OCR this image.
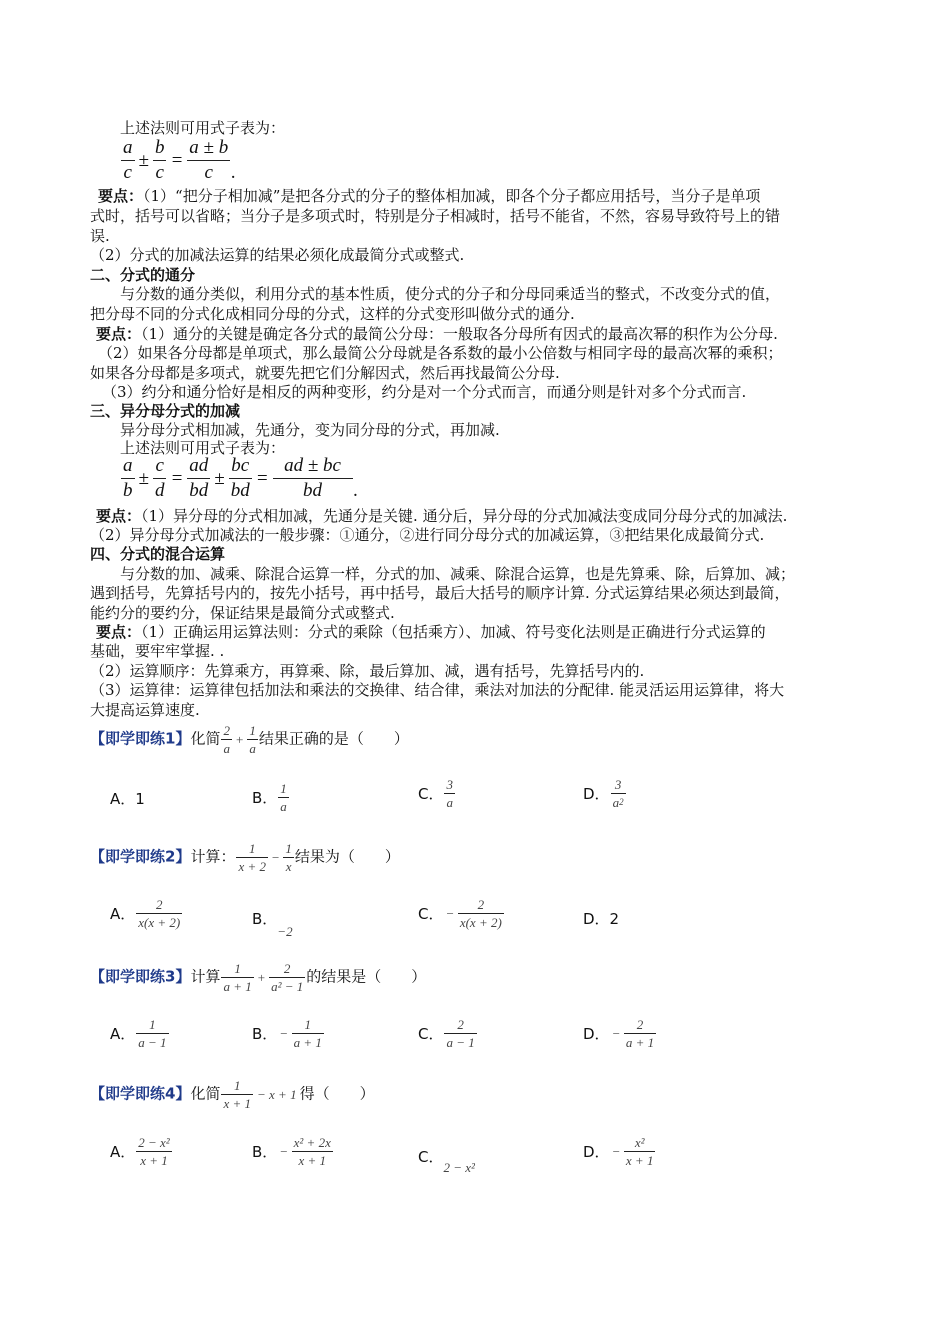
上述法则可用式子表为：
$\frac{a}{c} \pm \frac{b}{c} = \frac{a \pm b}{c}$ .
要点：（1）“把分子相加减”是把各分式的分子的整体相加减，即各个分子都应用括号，当分子是单项
式时，括号可以省略；当分子是多项式时，特别是分子相减时，括号不能省，不然，容易导致符号上的错
误.
（2）分式的加减法运算的结果必须化成最简分式或整式.
二、分式的通分
与分数的通分类似，利用分式的基本性质，使分式的分子和分母同乘适当的整式，不改变分式的值，
把分母不同的分式化成相同分母的分式，这样的分式变形叫做分式的通分.
要点：（1）通分的关键是确定各分式的最简公分母：一般取各分母所有因式的最高次幂的积作为公分母.
（2）如果各分母都是单项式，那么最简公分母就是各系数的最小公倍数与相同字母的最高次幂的乘积；
如果各分母都是多项式，就要先把它们分解因式，然后再找最简公分母.
（3）约分和通分恰好是相反的两种变形，约分是对一个分式而言，而通分则是针对多个分式而言.
三、异分母分式的加减
异分母分式相加减，先通分，变为同分母的分式，再加减.
上述法则可用式子表为：
$\frac{a}{b} \pm \frac{c}{d} = \frac{ad}{bd} \pm \frac{bc}{bd} = \frac{ad \pm bc}{bd}$ .
要点：（1）异分母的分式相加减，先通分是关键. 通分后，异分母的分式加减法变成同分母分式的加减法.
（2）异分母分式加减法的一般步骤：①通分，②进行同分母分式的加减运算，③把结果化成最简分式.
四、分式的混合运算
与分数的加、减乘、除混合运算一样，分式的加、减乘、除混合运算，也是先算乘、除，后算加、减；
遇到括号，先算括号内的，按先小括号，再中括号，最后大括号的顺序计算. 分式运算结果必须达到最简，
能约分的要约分，保证结果是最简分式或整式.
要点：（1）正确运用运算法则：分式的乘除（包括乘方）、加减、符号变化法则是正确进行分式运算的
基础，要牢牢掌握. .
（2）运算顺序：先算乘方，再算乘、除，最后算加、减，遇有括号，先算括号内的.
（3）运算律：运算律包括加法和乘法的交换律、结合律，乘法对加法的分配律. 能灵活运用运算律，将大
大提高运算速度.
【即学即练1】化简 $\frac{2}{a} + \frac{1}{a}$ 结果正确的是（　　）
A．1	B． $\frac{1}{a}$	C． $\frac{3}{a}$	D． $\frac{3}{a^2}$
【即学即练2】计算： $\frac{1}{x + 2} - \frac{1}{x}$ 结果为（　　）
A． $\frac{2}{x(x + 2)}$	B．−2
C． − $\frac{2}{x(x + 2)}$	D．2
【即学即练3】计算 $\frac{1}{a + 1} + \frac{2}{\text{a² − 1}}$ 的结果是（　　）
A． $\frac{1}{a - 1}$	B． − $\frac{1}{a + 1}$	C． $\frac{2}{a - 1}$	D． − $\frac{2}{a + 1}$
【即学即练4】化简 $\frac{1}{x + 1} - x + 1$ 得（　　）
A． $\frac{\text{2 − x²}}{x + 1}$	B． − $\frac{\text{x² + 2x}}{x + 1}$	C．2 − x²
D． − $\frac{\text{x²}}{x + 1}$
